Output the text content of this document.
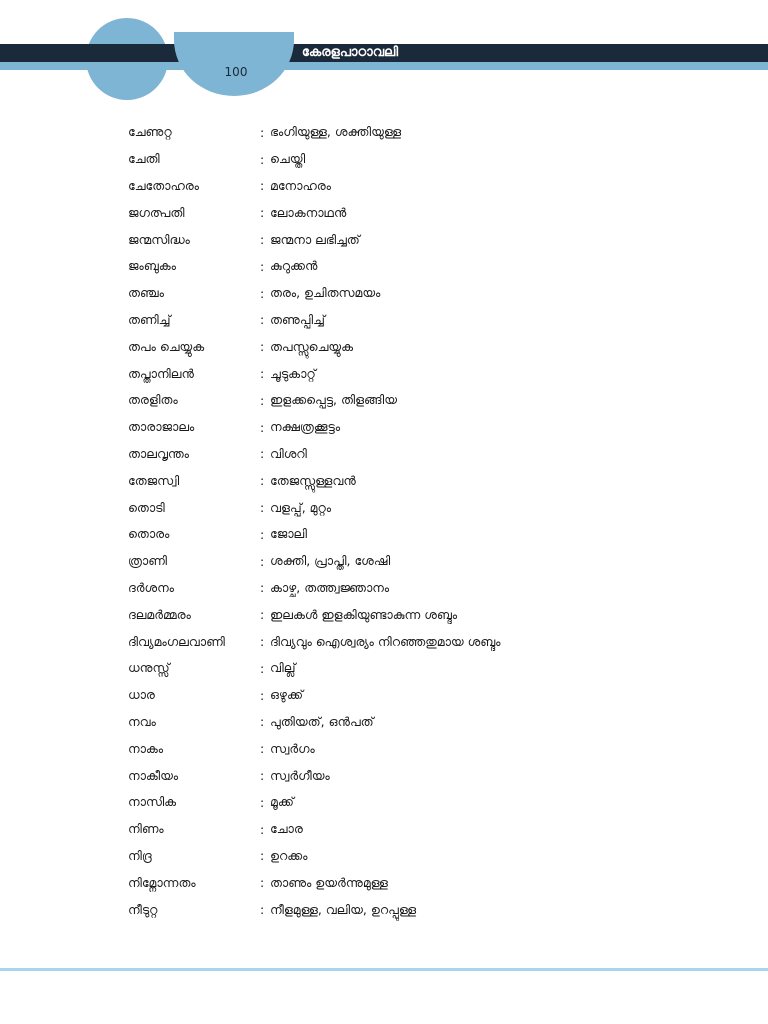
കേരളപാഠാവലി
100
ചേണുറ്റ	: ഭംഗിയുള്ള, ശക്തിയുള്ള
ചേതി	: ചെയ്തി
ചേതോഹരം	: മനോഹരം
ജഗത്പതി	: ലോകനാഥൻ
ജന്മസിദ്ധം	: ജന്മനാ ലഭിച്ചത്
ജംബുകം	: കുറുക്കൻ
തഞ്ചം	: തരം, ഉചിതസമയം
തണിച്ച്	: തണുപ്പിച്ച്
തപം ചെയ്യുക	: തപസ്സുചെയ്യുക
തപ്താനിലൻ	: ചൂടുകാറ്റ്
തരളിതം	: ഇളക്കപ്പെട്ട, തിളങ്ങിയ
താരാജാലം	: നക്ഷത്രക്കൂട്ടം
താലവൃന്തം	: വിശറി
തേജസ്വി	: തേജസ്സുള്ളവൻ
തൊടി	: വളപ്പ്, മുറ്റം
തൊരം	: ജോലി
ത്രാണി	: ശക്തി, പ്രാപ്തി, ശേഷി
ദർശനം	: കാഴ്ച, തത്ത്വജ്ഞാനം
ദലമർമ്മരം	: ഇലകൾ ഇളകിയുണ്ടാകുന്ന ശബ്ദം
ദിവ്യമംഗലവാണി	: ദിവ്യവും ഐശ്വര്യം നിറഞ്ഞതുമായ ശബ്ദം
ധനുസ്സ്	: വില്ല്
ധാര	: ഒഴുക്ക്
നവം	: പുതിയത്, ഒൻപത്
നാകം	: സ്വർഗം
നാകീയം	: സ്വർഗീയം
നാസിക	: മൂക്ക്
നിണം	: ചോര
നിദ്ര	: ഉറക്കം
നിമ്നോന്നതം	: താണും ഉയർന്നുമുള്ള
നീടുറ്റ	: നീളമുള്ള, വലിയ, ഉറപ്പുള്ള
